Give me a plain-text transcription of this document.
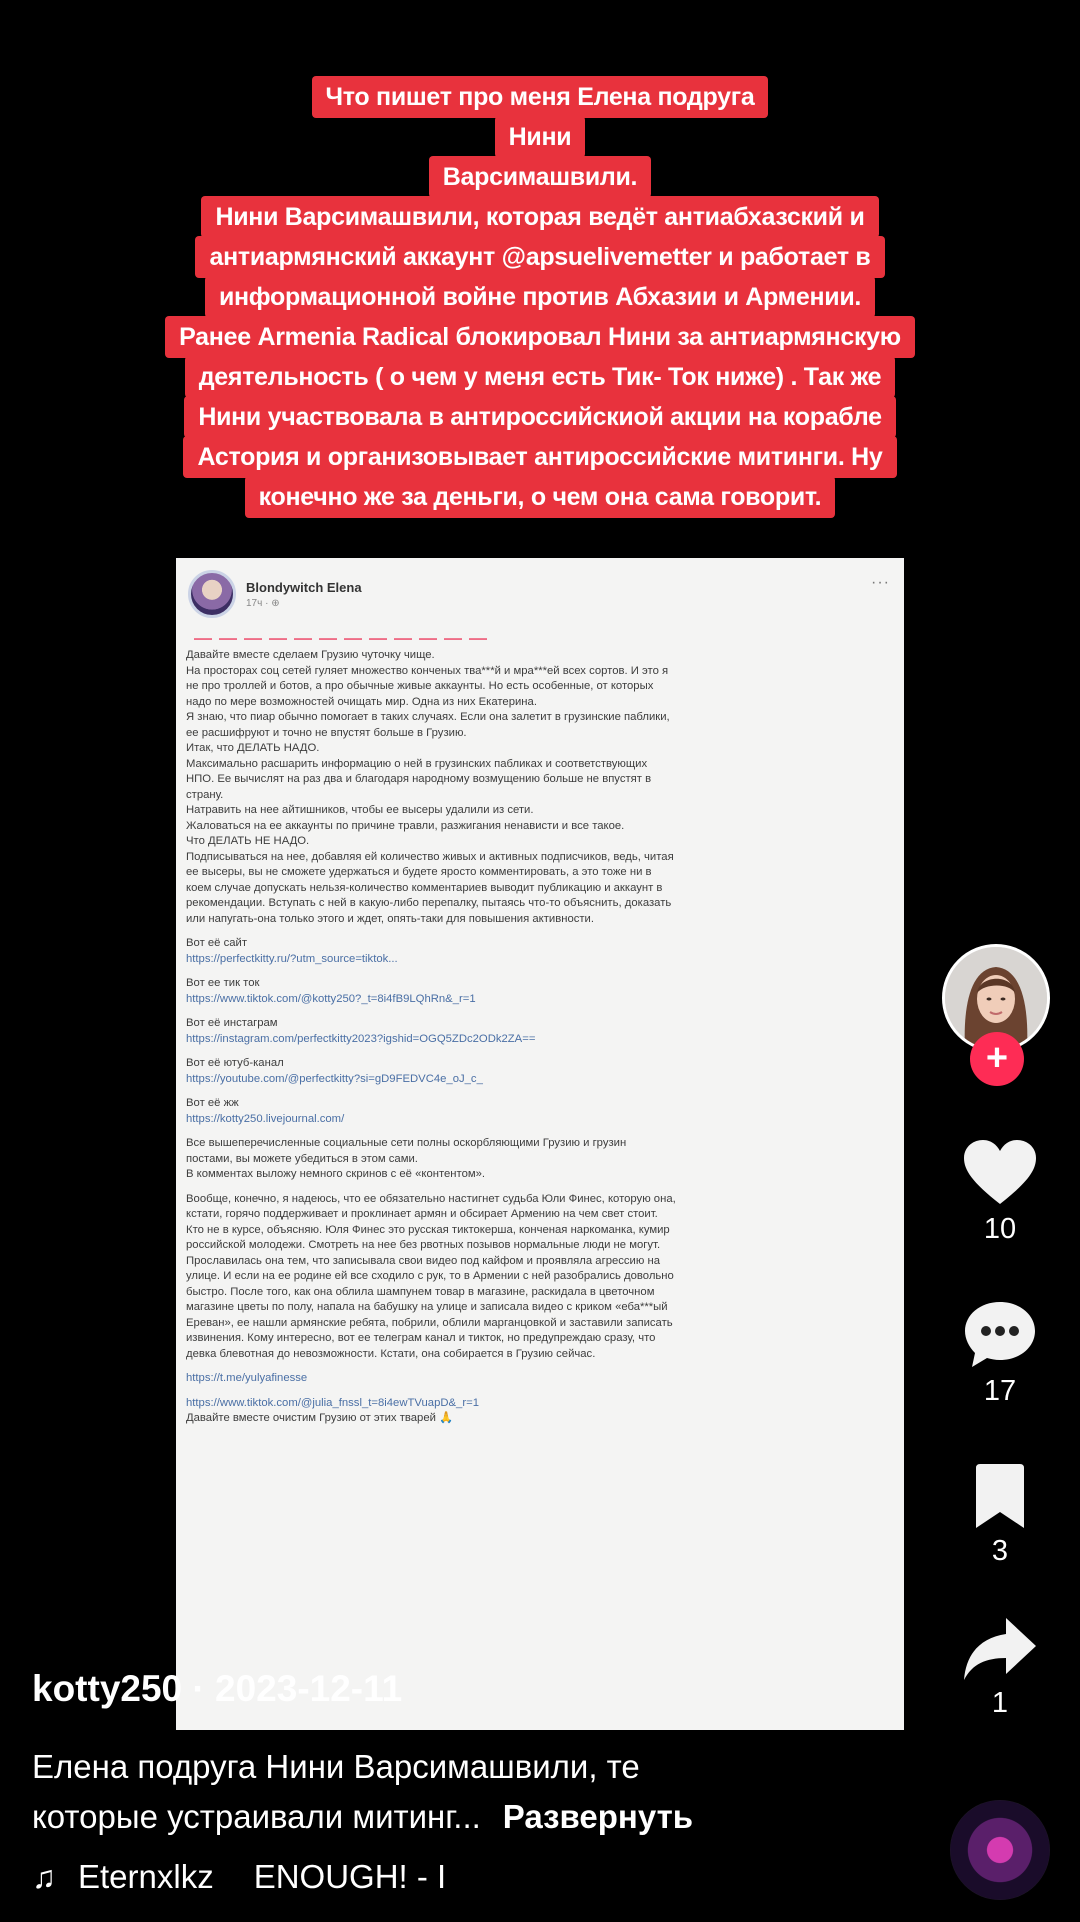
Что пишет про меня Елена подруга
Нини
Варсимашвили.
Нини Варсимашвили, которая ведёт антиабхазский и
антиармянский аккаунт @apsuelivemetter и работает в
информационной войне против Абхазии и Армении.
Ранее Armenia Radical блокировал Нини за антиармянскую
деятельность ( о чем у меня есть Тик- Ток ниже) . Так же
Нини участвовала в антироссийскиой акции на корабле
Астория и организовывает антироссийские митинги. Ну
конечно же за деньги, о чем она сама говорит.
Blondywitch Elena
17ч · ⊕
···
— — — — — — — — — — — —
Давайте вместе сделаем Грузию чуточку чище.
На просторах соц сетей гуляет множество конченых тва***й и мра***ей всех сортов. И это я
не про троллей и ботов, а про обычные живые аккаунты. Но есть особенные, от которых
надо по мере возможностей очищать мир. Одна из них Екатерина.
Я знаю, что пиар обычно помогает в таких случаях. Если она залетит в грузинские паблики,
ее расшифруют и точно не впустят больше в Грузию.
Итак, что ДЕЛАТЬ НАДО.
Максимально расшарить информацию о ней в грузинских пабликах и соответствующих
НПО. Ее вычислят на раз два и благодаря народному возмущению больше не впустят в
страну.
Натравить на нее айтишников, чтобы ее высеры удалили из сети.
Жаловаться на ее аккаунты по причине травли, разжигания ненависти и все такое.
Что ДЕЛАТЬ НЕ НАДО.
Подписываться на нее, добавляя ей количество живых и активных подписчиков, ведь, читая
ее высеры, вы не сможете удержаться и будете яросто комментировать, а это тоже ни в
коем случае допускать нельзя-количество комментариев выводит публикацию и аккаунт в
рекомендации. Вступать с ней в какую-либо перепалку, пытаясь что-то объяснить, доказать
или напугать-она только этого и ждет, опять-таки для повышения активности.
Вот её сайт
https://perfectkitty.ru/?utm_source=tiktok...
Вот ее тик ток
https://www.tiktok.com/@kotty250?_t=8i4fB9LQhRn&_r=1
Вот её инстаграм
https://instagram.com/perfectkitty2023?igshid=OGQ5ZDc2ODk2ZA==
Вот её ютуб-канал
https://youtube.com/@perfectkitty?si=gD9FEDVC4e_oJ_c_
Вот её жж
https://kotty250.livejournal.com/
Все вышеперечисленные социальные сети полны оскорбляющими Грузию и грузин
постами, вы можете убедиться в этом сами.
В комментах выложу немного скринов с её «контентом».
Вообще, конечно, я надеюсь, что ее обязательно настигнет судьба Юли Финес, которую она,
кстати, горячо поддерживает и проклинает армян и обсирает Армению на чем свет стоит.
Кто не в курсе, объясняю. Юля Финес это русская тиктокерша, конченая наркоманка, кумир
российской молодежи. Смотреть на нее без рвотных позывов нормальные люди не могут.
Прославилась она тем, что записывала свои видео под кайфом и проявляла агрессию на
улице. И если на ее родине ей все сходило с рук, то в Армении с ней разобрались довольно
быстро. После того, как она облила шампунем товар в магазине, раскидала в цветочном
магазине цветы по полу, напала на бабушку на улице и записала видео с криком «еба***ый
Ереван», ее нашли армянские ребята, побрили, облили марганцовкой и заставили записать
извинения. Кому интересно, вот ее телеграм канал и тикток, но предупреждаю сразу, что
девка блевотная до невозможности. Кстати, она собирается в Грузию сейчас.
https://t.me/yulyafinesse
https://www.tiktok.com/@julia_fnssl_t=8i4ewTVuapD&_r=1
Давайте вместе очистим Грузию от этих тварей 🙏
kotty250 · 2023-12-11
Елена подруга Нини Варсимашвили, те
которые устраивали митинг... Развернуть
♫ Eternxlkz ENOUGH! - I
+
10
17
3
1
